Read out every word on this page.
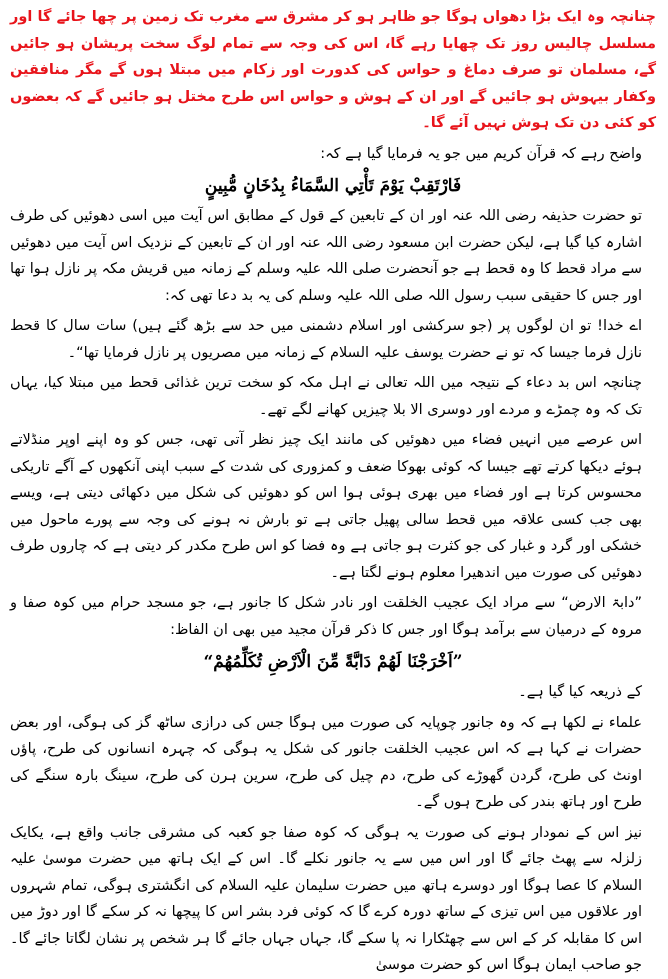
چنانچہ وہ ایک بڑا دھواں ہوگا جو ظاہر ہو کر مشرق سے مغرب تک زمین پر چھا جائے گا اور مسلسل چالیس روز تک چھایا رہے گا، اس کی وجہ سے تمام لوگ سخت پریشان ہو جائیں گے، مسلمان تو صرف دماغ و حواس کی کدورت اور زکام میں مبتلا ہوں گے مگر منافقین وکفار بیہوش ہو جائیں گے اور ان کے ہوش و حواس اس طرح مختل ہو جائیں گے کہ بعضوں کو کئی دن تک ہوش نہیں آئے گا۔

واضح رہے کہ قرآن کریم میں جو یہ فرمایا گیا ہے کہ:

فَارْتَقِبْ يَوْمَ تَأْتِي السَّمَاءُ بِدُخَانٍ مُّبِينٍ

تو حضرت حذیفہ رضی اللہ عنہ اور ان کے تابعین کے قول کے مطابق اس آیت میں اسی دھوئیں کی طرف اشارہ کیا گیا ہے، لیکن حضرت ابن مسعود رضی اللہ عنہ اور ان کے تابعین کے نزدیک اس آیت میں دھوئیں سے مراد قحط کا وہ قحط ہے جو آنحضرت صلی اللہ علیہ وسلم کے زمانہ میں قریش مکہ پر نازل ہوا تھا اور جس کا حقیقی سبب رسول اللہ صلی اللہ علیہ وسلم کی یہ بد دعا تھی کہ:

اے خدا! تو ان لوگوں پر (جو سرکشی اور اسلام دشمنی میں حد سے بڑھ گئے ہیں) سات سال کا قحط نازل فرما جیسا کہ تو نے حضرت یوسف علیہ السلام کے زمانہ میں مصریوں پر نازل فرمایا تھا“۔

چنانچہ اس بد دعاء کے نتیجہ میں اللہ تعالی نے اہل مکہ کو سخت ترین غذائی قحط میں مبتلا کیا، یہاں تک کہ وہ چمڑے و مردے اور دوسری الا بلا چیزیں کھانے لگے تھے۔

اس عرصے میں انہیں فضاء میں دھوئیں کی مانند ایک چیز نظر آتی تھی، جس کو وہ اپنے اوپر منڈلاتے ہوئے دیکھا کرتے تھے جیسا کہ کوئی بھوکا ضعف و کمزوری کی شدت کے سبب اپنی آنکھوں کے آگے تاریکی محسوس کرتا ہے اور فضاء میں بھری ہوئی ہوا اس کو دھوئیں کی شکل میں دکھائی دیتی ہے، ویسے بھی جب کسی علاقہ میں قحط سالی پھیل جاتی ہے تو بارش نہ ہونے کی وجہ سے پورے ماحول میں خشکی اور گرد و غبار کی جو کثرت ہو جاتی ہے وہ فضا کو اس طرح مکدر کر دیتی ہے کہ چاروں طرف دھوئیں کی صورت میں اندھیرا معلوم ہونے لگتا ہے۔

”دابۃ الارض“ سے مراد ایک عجیب الخلقت اور نادر شکل کا جانور ہے، جو مسجد حرام میں کوہ صفا و مروہ کے درمیان سے برآمد ہوگا اور جس کا ذکر قرآن مجید میں بھی ان الفاظ:

”اَخْرَجْنَا لَهُمْ دَابَّةً مِّنَ الْاَرْضِ تُكَلِّمُهُمْ“

کے ذریعہ کیا گیا ہے۔

علماء نے لکھا ہے کہ وہ جانور چوپایہ کی صورت میں ہوگا جس کی درازی ساٹھ گز کی ہوگی، اور بعض حضرات نے کہا ہے کہ اس عجیب الخلقت جانور کی شکل یہ ہوگی کہ چہرہ انسانوں کی طرح، پاؤں اونٹ کی طرح، گردن گھوڑے کی طرح، دم چیل کی طرح، سرین ہرن کی طرح، سینگ بارہ سنگے کی طرح اور ہاتھ بندر کی طرح ہوں گے۔

نیز اس کے نمودار ہونے کی صورت یہ ہوگی کہ کوہ صفا جو کعبہ کی مشرقی جانب واقع ہے، یکایک زلزلہ سے پھٹ جائے گا اور اس میں سے یہ جانور نکلے گا۔ اس کے ایک ہاتھ میں حضرت موسیٰ علیہ السلام کا عصا ہوگا اور دوسرے ہاتھ میں حضرت سلیمان علیہ السلام کی انگشتری ہوگی، تمام شہروں اور علاقوں میں اس تیزی کے ساتھ دورہ کرے گا کہ کوئی فرد بشر اس کا پیچھا نہ کر سکے گا اور دوڑ میں اس کا مقابلہ کر کے اس سے چھٹکارا نہ پا سکے گا، جہاں جہاں جائے گا ہر شخص پر نشان لگاتا جائے گا۔ جو صاحب ایمان ہوگا اس کو حضرت موسیٰ
